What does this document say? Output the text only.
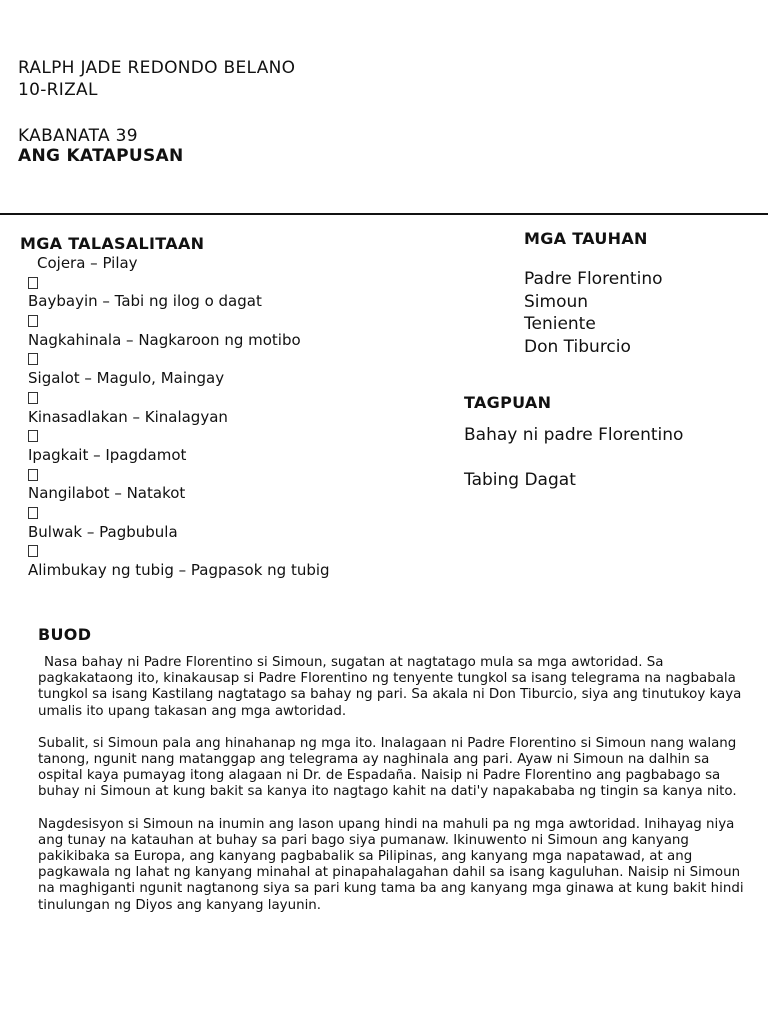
RALPH JADE REDONDO BELANO
10-RIZAL
KABANATA 39
ANG KATAPUSAN
MGA TALASALITAAN
Cojera – Pilay
Baybayin – Tabi ng ilog o dagat
Nagkahinala – Nagkaroon ng motibo
Sigalot – Magulo, Maingay
Kinasadlakan – Kinalagyan
Ipagkait – Ipagdamot
Nangilabot – Natakot
Bulwak – Pagbubula
Alimbukay ng tubig – Pagpasok ng tubig
MGA TAUHAN
Padre Florentino
Simoun
Teniente
Don Tiburcio
TAGPUAN
Bahay ni padre Florentino
Tabing Dagat
BUOD

Nasa bahay ni Padre Florentino si Simoun, sugatan at nagtatago mula sa mga awtoridad. Sa pagkakataong ito, kinakausap si Padre Florentino ng tenyente tungkol sa isang telegrama na nagbabala tungkol sa isang Kastilang nagtatago sa bahay ng pari. Sa akala ni Don Tiburcio, siya ang tinutukoy kaya umalis ito upang takasan ang mga awtoridad.

Subalit, si Simoun pala ang hinahanap ng mga ito. Inalagaan ni Padre Florentino si Simoun nang walang tanong, ngunit nang matanggap ang telegrama ay naghinala ang pari. Ayaw ni Simoun na dalhin sa ospital kaya pumayag itong alagaan ni Dr. de Espadaña. Naisip ni Padre Florentino ang pagbabago sa buhay ni Simoun at kung bakit sa kanya ito nagtago kahit na dati'y napakababa ng tingin sa kanya nito.

Nagdesisyon si Simoun na inumin ang lason upang hindi na mahuli pa ng mga awtoridad. Inihayag niya ang tunay na katauhan at buhay sa pari bago siya pumanaw. Ikinuwento ni Simoun ang kanyang pakikibaka sa Europa, ang kanyang pagbabalik sa Pilipinas, ang kanyang mga napatawad, at ang pagkawala ng lahat ng kanyang minahal at pinapahalagahan dahil sa isang kaguluhan. Naisip ni Simoun na maghiganti ngunit nagtanong siya sa pari kung tama ba ang kanyang mga ginawa at kung bakit hindi tinulungan ng Diyos ang kanyang layunin.
